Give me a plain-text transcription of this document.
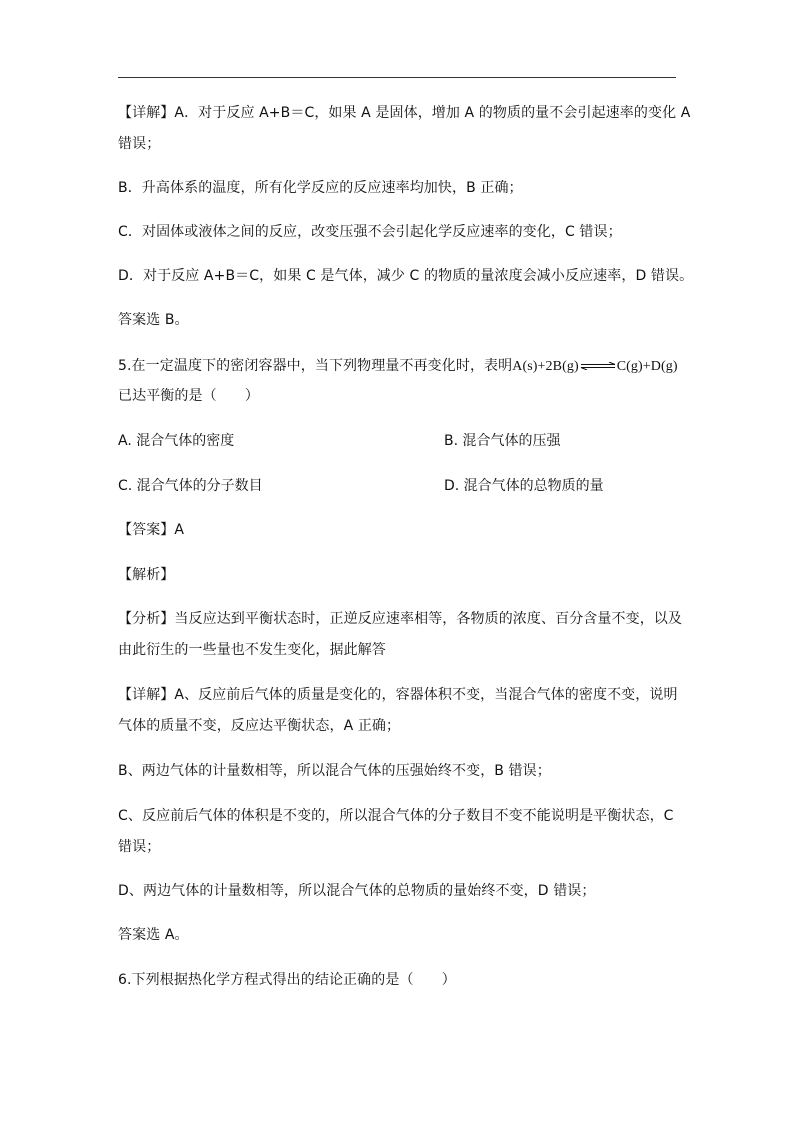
【详解】A．对于反应 A+B＝C，如果 A 是固体，增加 A 的物质的量不会引起速率的变化 A
错误；
B．升高体系的温度，所有化学反应的反应速率均加快，B 正确；
C．对固体或液体之间的反应，改变压强不会引起化学反应速率的变化，C 错误；
D．对于反应 A+B＝C，如果 C 是气体，减少 C 的物质的量浓度会减小反应速率，D 错误。
答案选 B。
5.在一定温度下的密闭容器中，当下列物理量不再变化时，表明A(s)+2B(g)⇌C(g)+D(g)
已达平衡的是（　　）
A. 混合气体的密度	B. 混合气体的压强
C. 混合气体的分子数目	D. 混合气体的总物质的量
【答案】A
【解析】
【分析】当反应达到平衡状态时，正逆反应速率相等，各物质的浓度、百分含量不变，以及
由此衍生的一些量也不发生变化，据此解答
【详解】A、反应前后气体的质量是变化的，容器体积不变，当混合气体的密度不变，说明
气体的质量不变，反应达平衡状态，A 正确；
B、两边气体的计量数相等，所以混合气体的压强始终不变，B 错误；
C、反应前后气体的体积是不变的，所以混合气体的分子数目不变不能说明是平衡状态，C
错误；
D、两边气体的计量数相等，所以混合气体的总物质的量始终不变，D 错误；
答案选 A。
6.下列根据热化学方程式得出的结论正确的是（　　）
